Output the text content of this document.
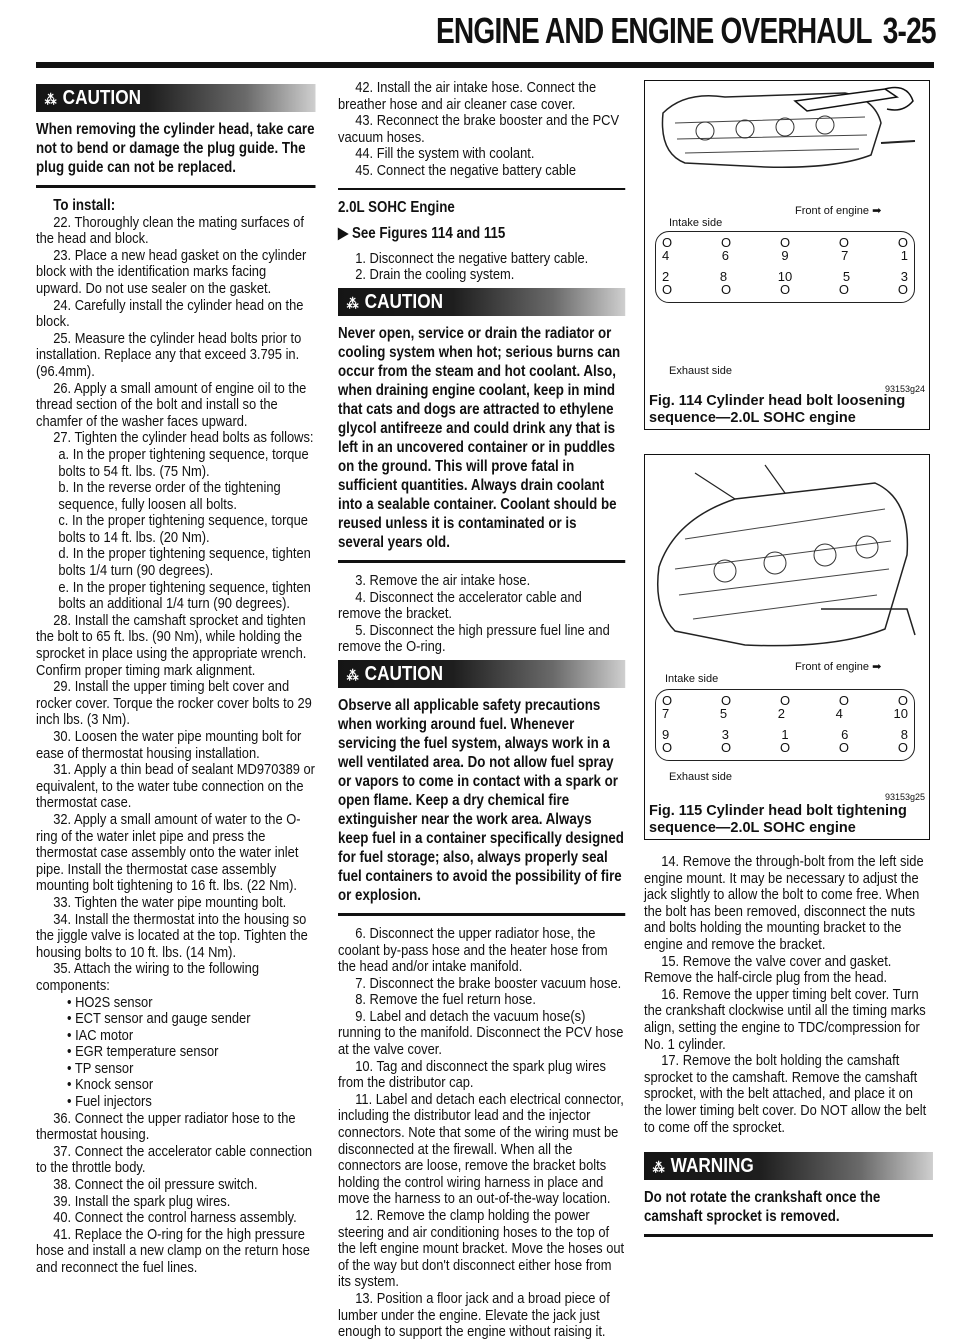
ENGINE AND ENGINE OVERHAUL 3-25
⁂ CAUTION

When removing the cylinder head, take care not to bend or damage the plug guide. The plug guide can not be replaced.

To install:

22. Thoroughly clean the mating surfaces of the head and block.

23. Place a new head gasket on the cylinder block with the identification marks facing upward. Do not use sealer on the gasket.

24. Carefully install the cylinder head on the block.

25. Measure the cylinder head bolts prior to installation. Replace any that exceed 3.795 in. (96.4mm).

26. Apply a small amount of engine oil to the thread section of the bolt and install so the chamfer of the washer faces upward.

27. Tighten the cylinder head bolts as follows:

a. In the proper tightening sequence, torque bolts to 54 ft. lbs. (75 Nm).

b. In the reverse order of the tightening sequence, fully loosen all bolts.

c. In the proper tightening sequence, torque bolts to 14 ft. lbs. (20 Nm).

d. In the proper tightening sequence, tighten bolts 1/4 turn (90 degrees).

e. In the proper tightening sequence, tighten bolts an additional 1/4 turn (90 degrees).

28. Install the camshaft sprocket and tighten the bolt to 65 ft. lbs. (90 Nm), while holding the sprocket in place using the appropriate wrench. Confirm proper timing mark alignment.

29. Install the upper timing belt cover and rocker cover. Torque the rocker cover bolts to 29 inch lbs. (3 Nm).

30. Loosen the water pipe mounting bolt for ease of thermostat housing installation.

31. Apply a thin bead of sealant MD970389 or equivalent, to the water tube connection on the thermostat case.

32. Apply a small amount of water to the O-ring of the water inlet pipe and press the thermostat case assembly onto the water inlet pipe. Install the thermostat case assembly mounting bolt tightening to 16 ft. lbs. (22 Nm).

33. Tighten the water pipe mounting bolt.

34. Install the thermostat into the housing so the jiggle valve is located at the top. Tighten the housing bolts to 10 ft. lbs. (14 Nm).

35. Attach the wiring to the following components:

• HO2S sensor

• ECT sensor and gauge sender

• IAC motor

• EGR temperature sensor

• TP sensor

• Knock sensor

• Fuel injectors

36. Connect the upper radiator hose to the thermostat housing.

37. Connect the accelerator cable connection to the throttle body.

38. Connect the oil pressure switch.

39. Install the spark plug wires.

40. Connect the control harness assembly.

41. Replace the O-ring for the high pressure hose and install a new clamp on the return hose and reconnect the fuel lines.

42. Install the air intake hose. Connect the breather hose and air cleaner case cover.

43. Reconnect the brake booster and the PCV vacuum hoses.

44. Fill the system with coolant.

45. Connect the negative battery cable

2.0L SOHC Engine

▶ See Figures 114 and 115

1. Disconnect the negative battery cable.

2. Drain the cooling system.

⁂ CAUTION

Never open, service or drain the radiator or cooling system when hot; serious burns can occur from the steam and hot coolant. Also, when draining engine coolant, keep in mind that cats and dogs are attracted to ethylene glycol antifreeze and could drink any that is left in an uncovered container or in puddles on the ground. This will prove fatal in sufficient quantities. Always drain coolant into a sealable container. Coolant should be reused unless it is contaminated or is several years old.

3. Remove the air intake hose.

4. Disconnect the accelerator cable and remove the bracket.

5. Disconnect the high pressure fuel line and remove the O-ring.

⁂ CAUTION

Observe all applicable safety precautions when working around fuel. Whenever servicing the fuel system, always work in a well ventilated area. Do not allow fuel spray or vapors to come in contact with a spark or open flame. Keep a dry chemical fire extinguisher near the work area. Always keep fuel in a container specifically designed for fuel storage; also, always properly seal fuel containers to avoid the possibility of fire or explosion.

6. Disconnect the upper radiator hose, the coolant by-pass hose and the heater hose from the head and/or intake manifold.

7. Disconnect the brake booster vacuum hose.

8. Remove the fuel return hose.

9. Label and detach the vacuum hose(s) running to the manifold. Disconnect the PCV hose at the valve cover.

10. Tag and disconnect the spark plug wires from the distributor cap.

11. Label and detach each electrical connector, including the distributor lead and the injector connectors. Note that some of the wiring must be disconnected at the firewall. When all the connectors are loose, remove the bracket bolts holding the control wiring harness in place and move the harness to an out-of-the-way location.

12. Remove the clamp holding the power steering and air conditioning hoses to the top of the left engine mount bracket. Move the hoses out of the way but don't disconnect either hose from its system.

13. Position a floor jack and a broad piece of lumber under the engine. Elevate the jack just enough to support the engine without raising it.

Front of engine ➡
Intake side
O	O	O	O	O
4	6	9	7	1
2	8	10	5	3
O	O	O	O	O
Exhaust side
93153g24
Fig. 114 Cylinder head bolt loosening sequence—2.0L SOHC engine
Front of engine ➡
Intake side
O	O	O	O	O
7	5	2	4	10
9	3	1	6	8
O	O	O	O	O
Exhaust side
93153g25
Fig. 115 Cylinder head bolt tightening sequence—2.0L SOHC engine

14. Remove the through-bolt from the left side engine mount. It may be necessary to adjust the jack slightly to allow the bolt to come free. When the bolt has been removed, disconnect the nuts and bolts holding the mounting bracket to the engine and remove the bracket.

15. Remove the valve cover and gasket. Remove the half-circle plug from the head.

16. Remove the upper timing belt cover. Turn the crankshaft clockwise until all the timing marks align, setting the engine to TDC/compression for No. 1 cylinder.

17. Remove the bolt holding the camshaft sprocket to the camshaft. Remove the camshaft sprocket, with the belt attached, and place it on the lower timing belt cover. Do NOT allow the belt to come off the sprocket.

⁂ WARNING

Do not rotate the crankshaft once the camshaft sprocket is removed.
